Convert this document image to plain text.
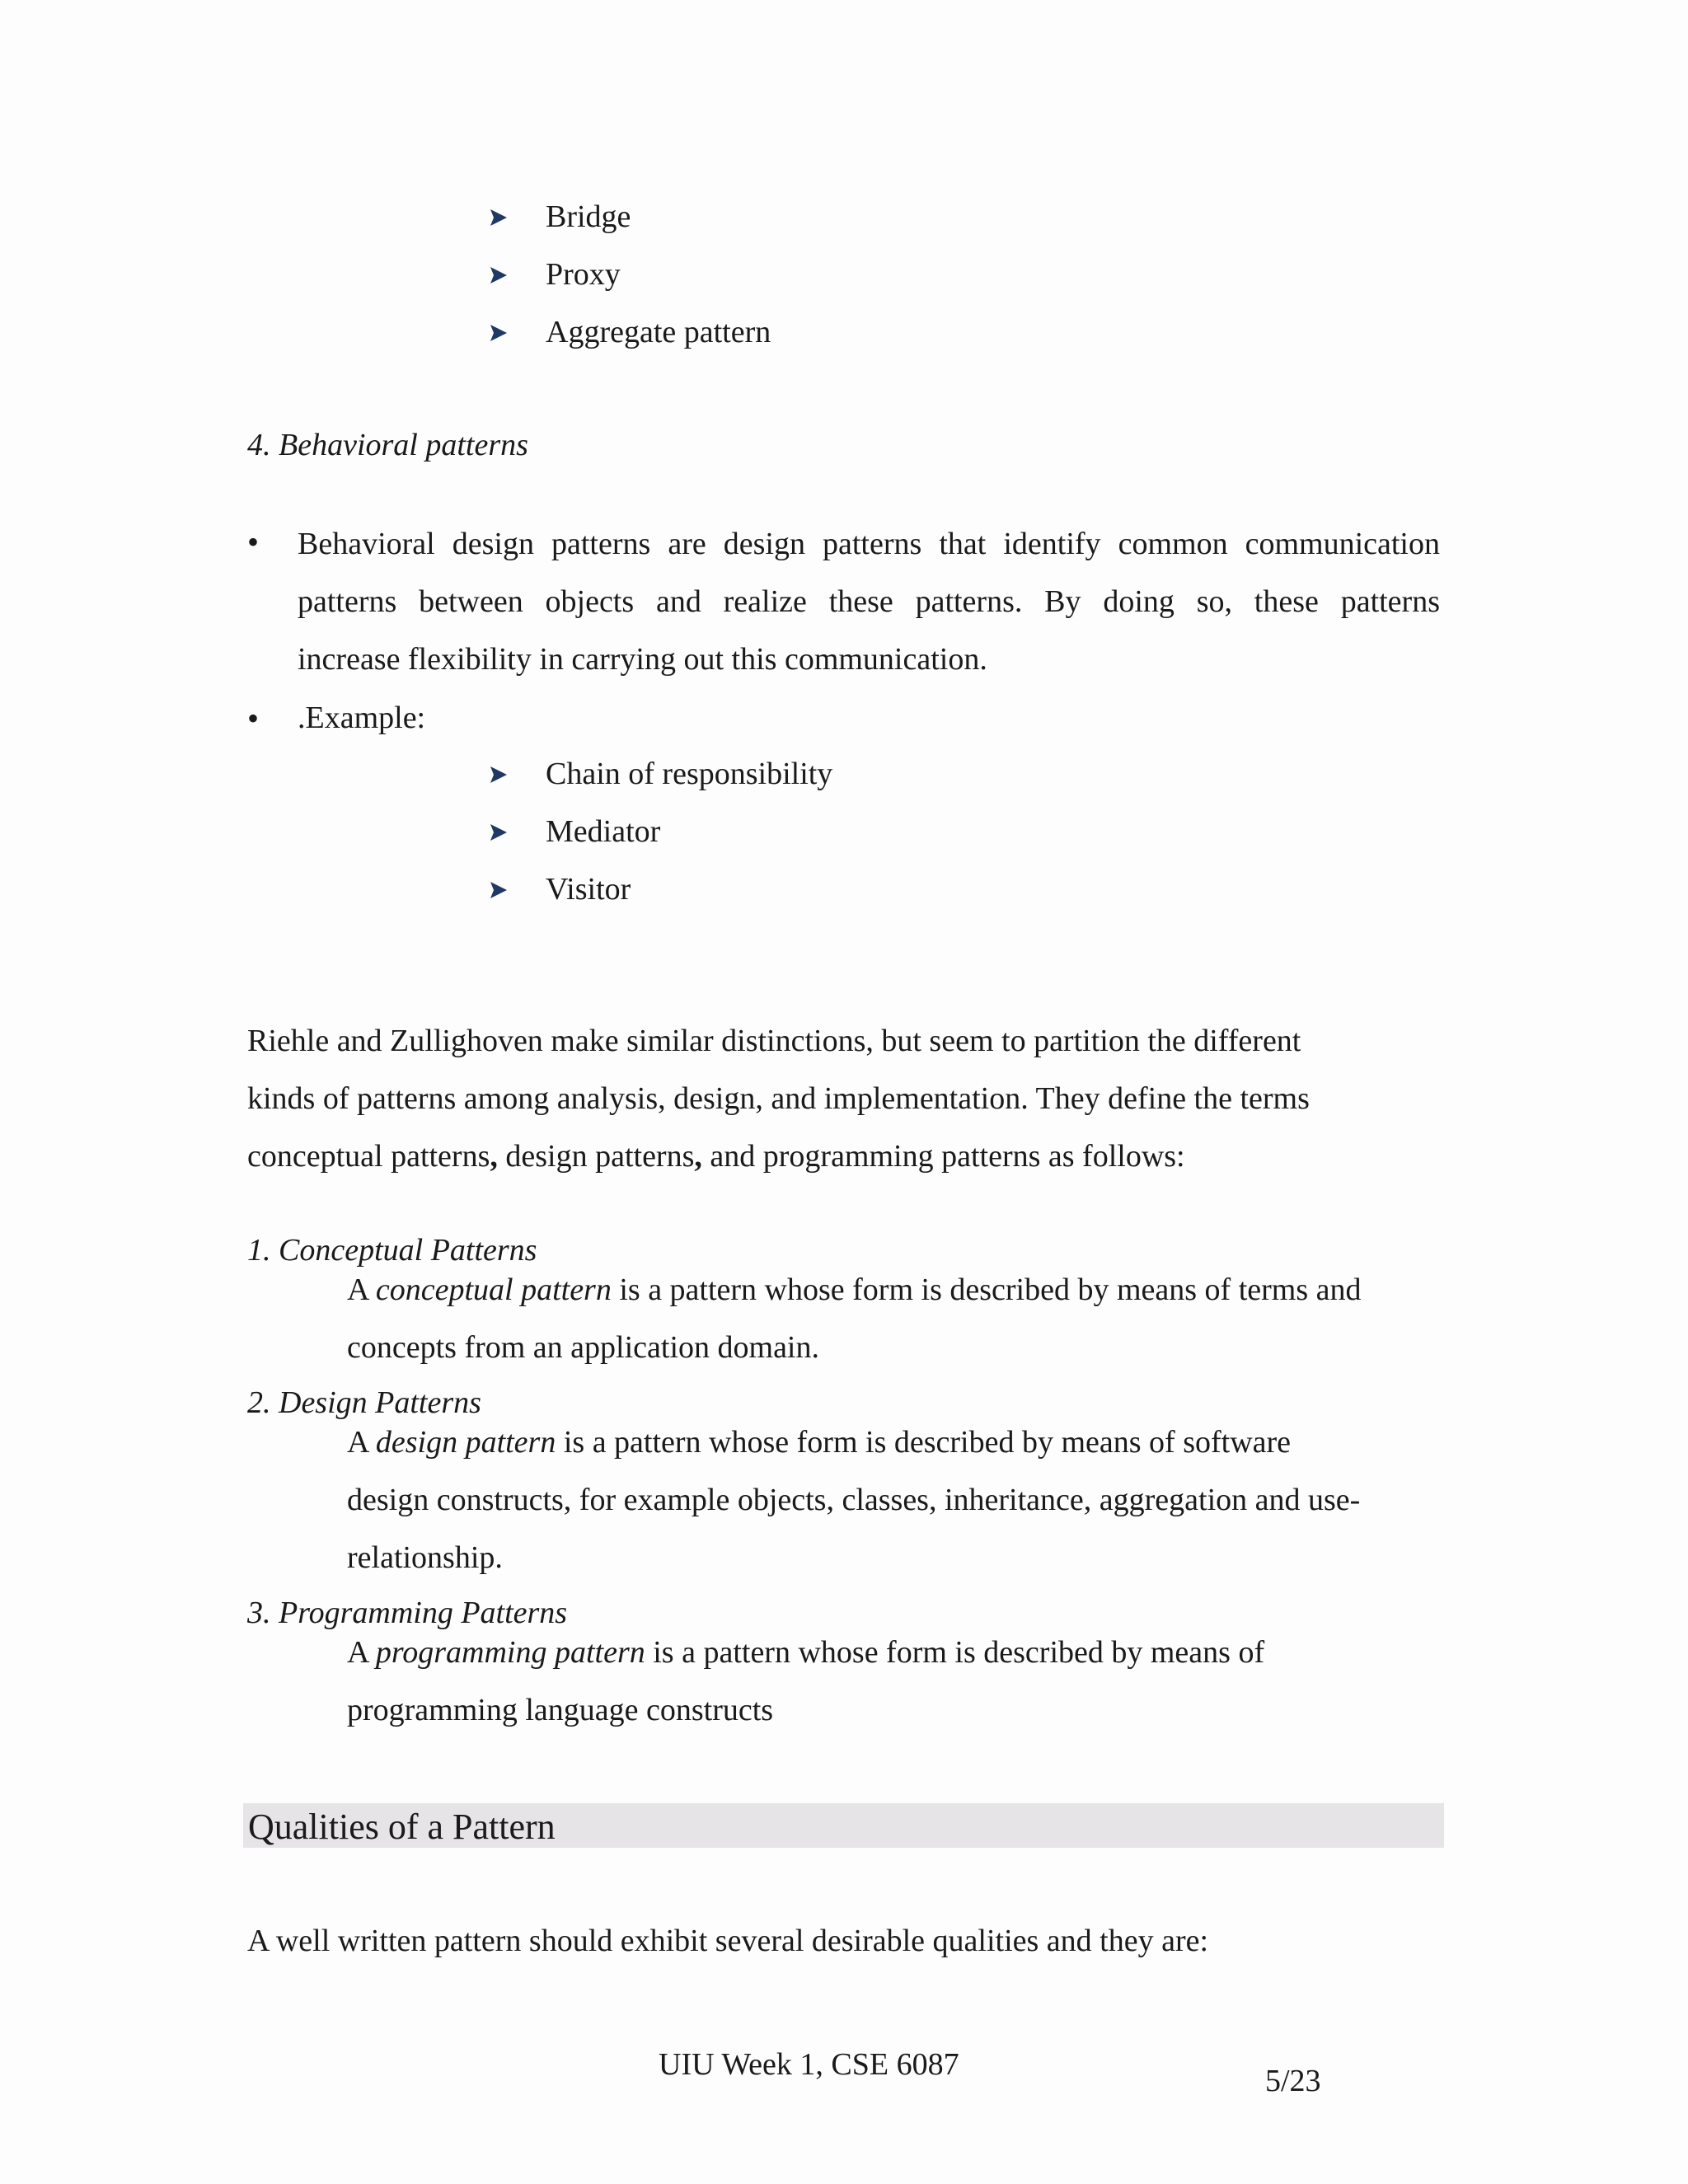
Bridge
Proxy
Aggregate pattern
4. Behavioral patterns
• Behavioral design patterns are design patterns that identify common communication
patterns between objects and realize these patterns. By doing so, these patterns
increase flexibility in carrying out this communication.
• .Example:
Chain of responsibility
Mediator
Visitor
Riehle and Zullighoven make similar distinctions, but seem to partition the different
kinds of patterns among analysis, design, and implementation. They define the terms
conceptual patterns, design patterns, and programming patterns as follows:
1. Conceptual Patterns
A conceptual pattern is a pattern whose form is described by means of terms and
concepts from an application domain.
2. Design Patterns
A design pattern is a pattern whose form is described by means of software
design constructs, for example objects, classes, inheritance, aggregation and use-
relationship.
3. Programming Patterns
A programming pattern is a pattern whose form is described by means of
programming language constructs
Qualities of a Pattern
A well written pattern should exhibit several desirable qualities and they are:
UIU Week 1, CSE 6087	5/23
